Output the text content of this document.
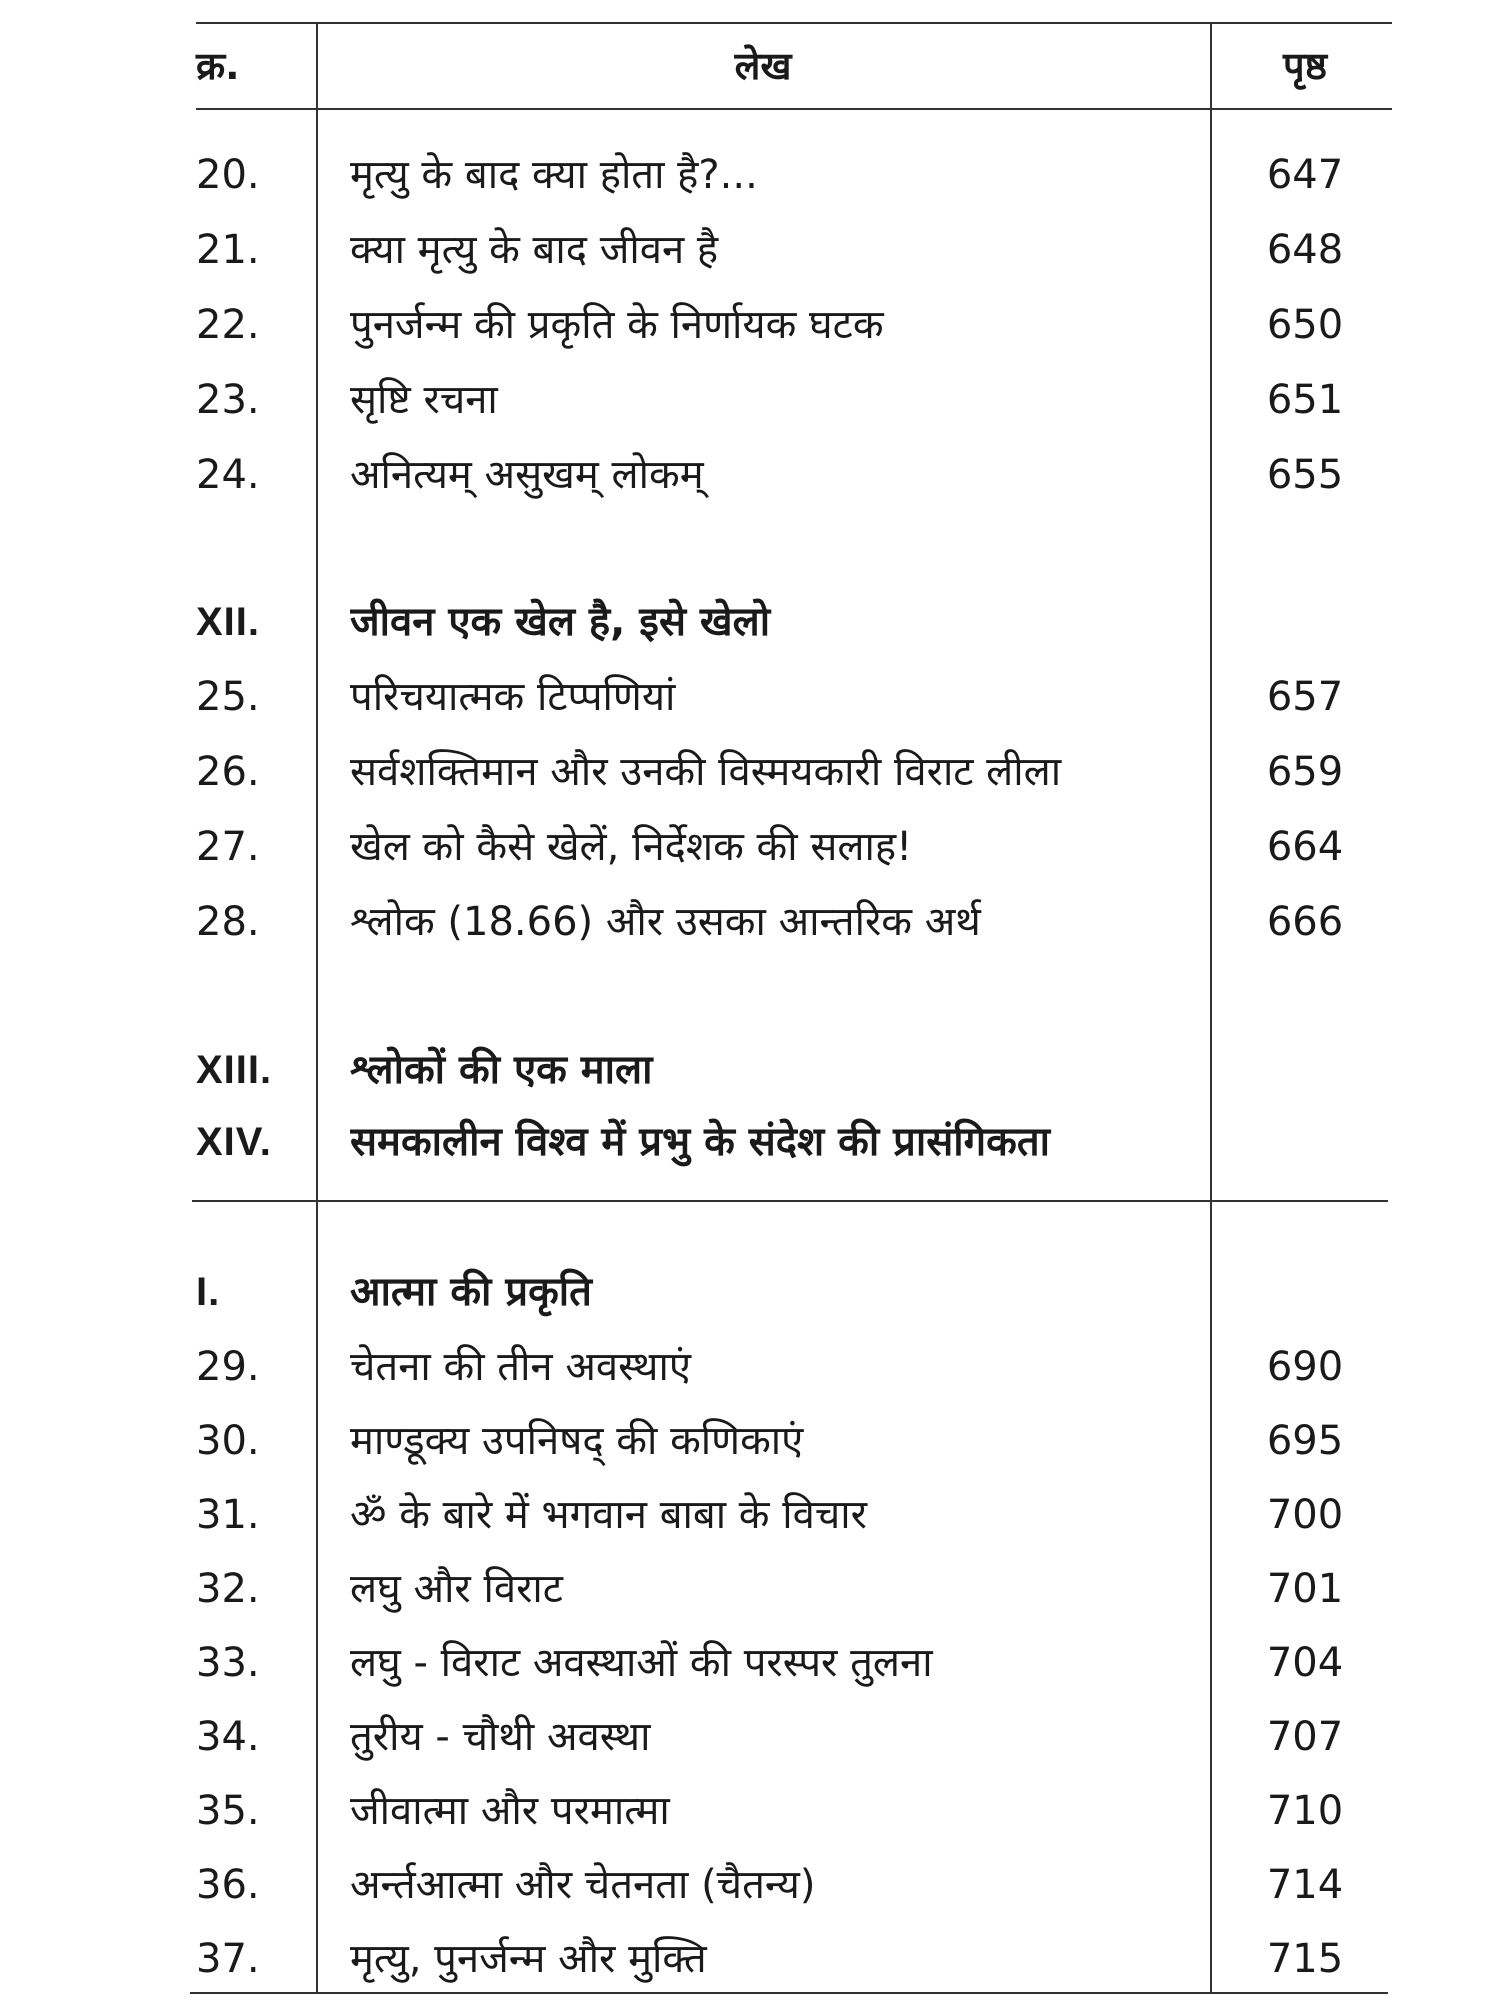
क्र.	लेख	पृष्ठ
20.	मृत्यु के बाद क्या होता है?...	647
21.	क्या मृत्यु के बाद जीवन है	648
22.	पुनर्जन्म की प्रकृति के निर्णायक घटक	650
23.	सृष्टि रचना	651
24.	अनित्यम् असुखम् लोकम्	655
XII.	जीवन एक खेल है, इसे खेलो
25.	परिचयात्मक टिप्पणियां	657
26.	सर्वशक्तिमान और उनकी विस्मयकारी विराट लीला	659
27.	खेल को कैसे खेलें, निर्देशक की सलाह!	664
28.	श्लोक (18.66) और उसका आन्तरिक अर्थ	666
XIII.	श्लोकों की एक माला
XIV.	समकालीन विश्व में प्रभु के संदेश की प्रासंगिकता
I.	आत्मा की प्रकृति
29.	चेतना की तीन अवस्थाएं	690
30.	माण्डूक्य उपनिषद् की कणिकाएं	695
31.	ॐ के बारे में भगवान बाबा के विचार	700
32.	लघु और विराट	701
33.	लघु - विराट अवस्थाओं की परस्पर तुलना	704
34.	तुरीय - चौथी अवस्था	707
35.	जीवात्मा और परमात्मा	710
36.	अर्न्तआत्मा और चेतनता (चैतन्य)	714
37.	मृत्यु, पुनर्जन्म और मुक्ति	715
